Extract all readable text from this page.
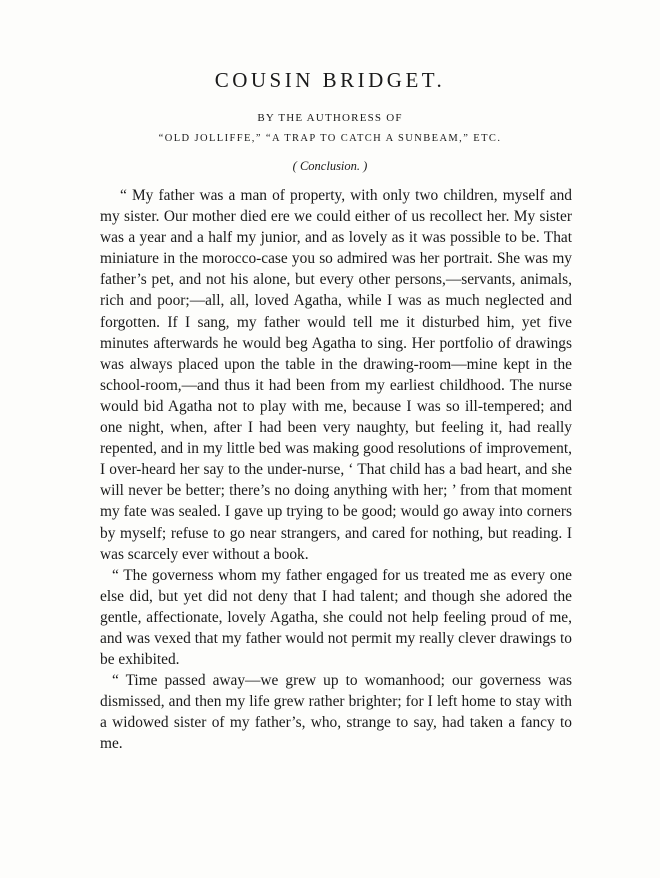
COUSIN BRIDGET.
BY THE AUTHORESS OF
“OLD JOLLIFFE,” “A TRAP TO CATCH A SUNBEAM,” ETC.
( Conclusion. )

“ My father was a man of property, with only two children, myself and my sister. Our mother died ere we could either of us recollect her. My sister was a year and a half my junior, and as lovely as it was possible to be. That miniature in the morocco-case you so admired was her portrait. She was my father’s pet, and not his alone, but every other persons,—servants, animals, rich and poor;—all, all, loved Agatha, while I was as much neglected and forgotten. If I sang, my father would tell me it disturbed him, yet five minutes afterwards he would beg Agatha to sing. Her portfolio of drawings was always placed upon the table in the drawing-room—mine kept in the school-room,—and thus it had been from my earliest childhood. The nurse would bid Agatha not to play with me, because I was so ill-tempered; and one night, when, after I had been very naughty, but feeling it, had really repented, and in my little bed was making good resolutions of improvement, I over-heard her say to the under-nurse, ‘ That child has a bad heart, and she will never be better; there’s no doing anything with her; ’ from that moment my fate was sealed. I gave up trying to be good; would go away into corners by myself; refuse to go near strangers, and cared for nothing, but reading. I was scarcely ever without a book.

“ The governess whom my father engaged for us treated me as every one else did, but yet did not deny that I had talent; and though she adored the gentle, affectionate, lovely Agatha, she could not help feeling proud of me, and was vexed that my father would not permit my really clever drawings to be exhibited.

“ Time passed away—we grew up to womanhood; our governess was dismissed, and then my life grew rather brighter; for I left home to stay with a widowed sister of my father’s, who, strange to say, had taken a fancy to me.
